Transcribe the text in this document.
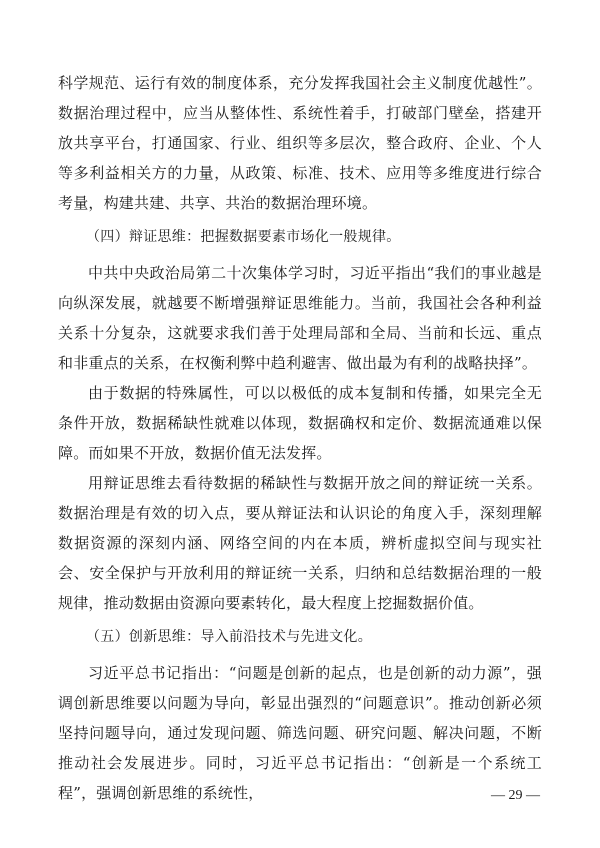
科学规范、运行有效的制度体系，充分发挥我国社会主义制度优越性”。数据治理过程中，应当从整体性、系统性着手，打破部门壁垒，搭建开放共享平台，打通国家、行业、组织等多层次，整合政府、企业、个人等多利益相关方的力量，从政策、标准、技术、应用等多维度进行综合考量，构建共建、共享、共治的数据治理环境。

（四）辩证思维：把握数据要素市场化一般规律。

中共中央政治局第二十次集体学习时，习近平指出“我们的事业越是向纵深发展，就越要不断增强辩证思维能力。当前，我国社会各种利益关系十分复杂，这就要求我们善于处理局部和全局、当前和长远、重点和非重点的关系，在权衡利弊中趋利避害、做出最为有利的战略抉择”。

由于数据的特殊属性，可以以极低的成本复制和传播，如果完全无条件开放，数据稀缺性就难以体现，数据确权和定价、数据流通难以保障。而如果不开放，数据价值无法发挥。

用辩证思维去看待数据的稀缺性与数据开放之间的辩证统一关系。数据治理是有效的切入点，要从辩证法和认识论的角度入手，深刻理解数据资源的深刻内涵、网络空间的内在本质，辨析虚拟空间与现实社会、安全保护与开放利用的辩证统一关系，归纳和总结数据治理的一般规律，推动数据由资源向要素转化，最大程度上挖掘数据价值。

（五）创新思维：导入前沿技术与先进文化。

习近平总书记指出：“问题是创新的起点，也是创新的动力源”，强调创新思维要以问题为导向，彰显出强烈的“问题意识”。推动创新必须坚持问题导向，通过发现问题、筛选问题、研究问题、解决问题，不断推动社会发展进步。同时，习近平总书记指出：“创新是一个系统工程”，强调创新思维的系统性，	— 29 —
